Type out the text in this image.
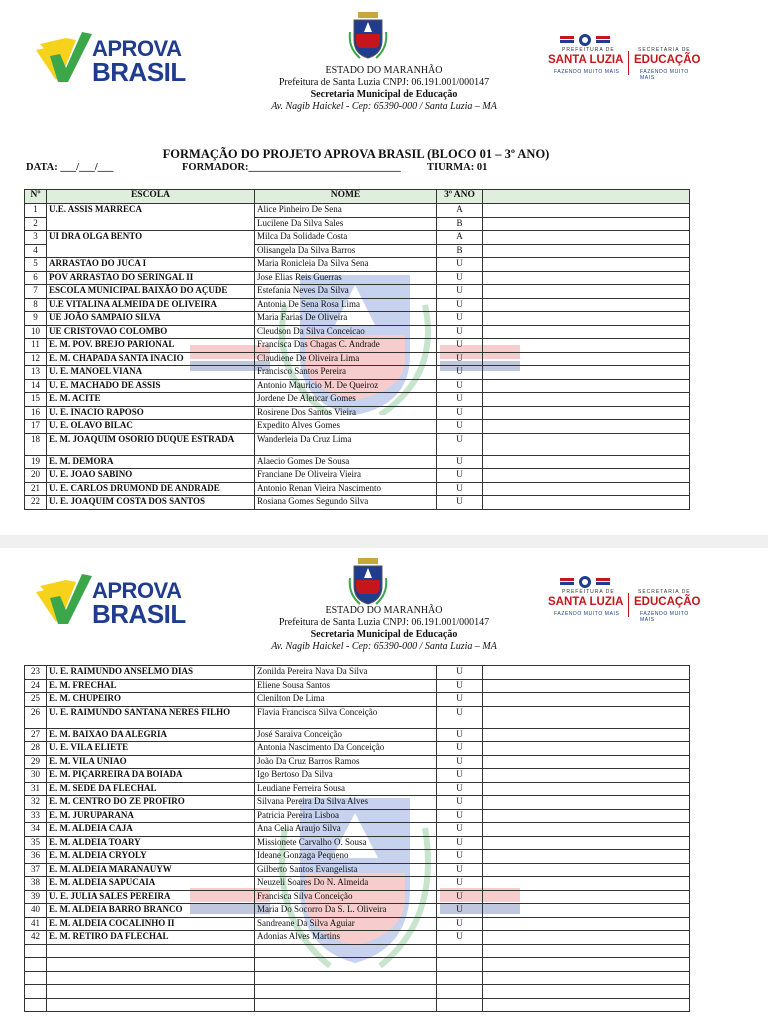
APROVA
BRASIL
PREFEITURA DE
SANTA LUZIA
FAZENDO MUITO MAIS
SECRETARIA DE
EDUCAÇÃO
FAZENDO MUITO MAIS
ESTADO DO MARANHÃO
Prefeitura de Santa Luzia CNPJ: 06.191.001/000147
Secretaria Municipal de Educação
Av. Nagib Haickel - Cep: 65390-000 / Santa Luzia – MA
FORMAÇÃO DO PROJETO APROVA BRASIL (BLOCO 01 – 3º ANO)
DATA: ___/___/___	FORMADOR:_____________________________	TIURMA: 01
Nº	ESCOLA	NOME	3º ANO	
1	U.E. ASSIS MARRECA	Alice Pinheiro De Sena	A	
2		Lucilene Da Silva Sales	B	
3	UI DRA OLGA BENTO	Milca Da Solidade Costa	A	
4		Olisangela Da Silva Barros	B	
5	ARRASTAO DO JUCA I	Maria Ronicleia Da Silva Sena	U	
6	POV ARRASTAO DO SERINGAL II	Jose Elias Reis Guerras	U	
7	ESCOLA MUNICIPAL BAIXÃO DO AÇUDE	Estefania Neves Da Silva	U	
8	U.E VITALINA ALMEIDA DE OLIVEIRA	Antonia De Sena Rosa Lima	U	
9	UE JOÃO SAMPAIO SILVA	Maria Farias De Oliveira	U	
10	UE CRISTOVAO COLOMBO	Cleudson Da Silva Conceicao	U	
11	E. M. POV. BREJO PARIONAL	Francisca Das Chagas C. Andrade	U	
12	E. M. CHAPADA SANTA INACIO	Claudiene De Oliveira Lima	U	
13	U. E. MANOEL VIANA	Francisco Santos Pereira	U	
14	U. E. MACHADO DE ASSIS	Antonio Mauricio M. De Queiroz	U	
15	E. M. ACITE	Jordene De Alencar Gomes	U	
16	U. E. INACIO RAPOSO	Rosirene Dos Santos Vieira	U	
17	U. E. OLAVO BILAC	Expedito Alves Gomes	U	
18	E. M. JOAQUIM OSORIO DUQUE ESTRADA	Wanderleia Da Cruz Lima	U	
19	E. M. DEMORA	Alaecio Gomes De Sousa	U	
20	U. E. JOAO SABINO	Franciane De Oliveira Vieira	U	
21	U. E. CARLOS DRUMOND DE ANDRADE	Antonio Renan Vieira Nascimento	U	
22	U. E. JOAQUIM COSTA DOS SANTOS	Rosiana Gomes Segundo Silva	U	
APROVA
BRASIL
PREFEITURA DE
SANTA LUZIA
FAZENDO MUITO MAIS
SECRETARIA DE
EDUCAÇÃO
FAZENDO MUITO MAIS
ESTADO DO MARANHÃO
Prefeitura de Santa Luzia CNPJ: 06.191.001/000147
Secretaria Municipal de Educação
Av. Nagib Haickel - Cep: 65390-000 / Santa Luzia – MA
23	U. E. RAIMUNDO ANSELMO DIAS	Zonilda Pereira Nava Da Silva	U	
24	E. M. FRECHAL	Eliene Sousa Santos	U	
25	E. M. CHUPEIRO	Clenilton De Lima	U	
26	U. E. RAIMUNDO SANTANA NERES FILHO	Flavia Francisca Silva Conceição	U	
27	E. M. BAIXAO DA ALEGRIA	José Saraiva Conceição	U	
28	U. E. VILA ELIETE	Antonia Nascimento Da Conceição	U	
29	E. M. VILA UNIAO	João Da Cruz Barros Ramos	U	
30	E. M. PIÇARREIRA DA BOIADA	Igo Bertoso Da Silva	U	
31	E. M. SEDE DA FLECHAL	Leudiane Ferreira Sousa	U	
32	E. M. CENTRO DO ZE PROFIRO	Silvana Pereira Da Silva Alves	U	
33	E. M. JURUPARANA	Patricia Pereira Lisboa	U	
34	E. M. ALDEIA CAJA	Ana Celia Araujo Silva	U	
35	E. M. ALDEIA TOARY	Missionete Carvalho O. Sousa	U	
36	E. M. ALDEIA CRYOLY	Ideane Gonzaga Pequeno	U	
37	E. M. ALDEIA MARANAUYW	Gilberto Santos Evangelista	U	
38	E. M. ALDEIA SAPUCAIA	Neuzeli Soares Do N. Almeida	U	
39	U. E. JULIA SALES PEREIRA	Francisca Silva Conceição	U	
40	E. M. ALDEIA BARRO BRANCO	Maria Do Socorro Da S. L. Oliveira	U	
41	E. M. ALDEIA COCALINHO II	Sandreane Da Silva Aguiar	U	
42	E. M. RETIRO DA FLECHAL	Adonias Alves Martins	U	
